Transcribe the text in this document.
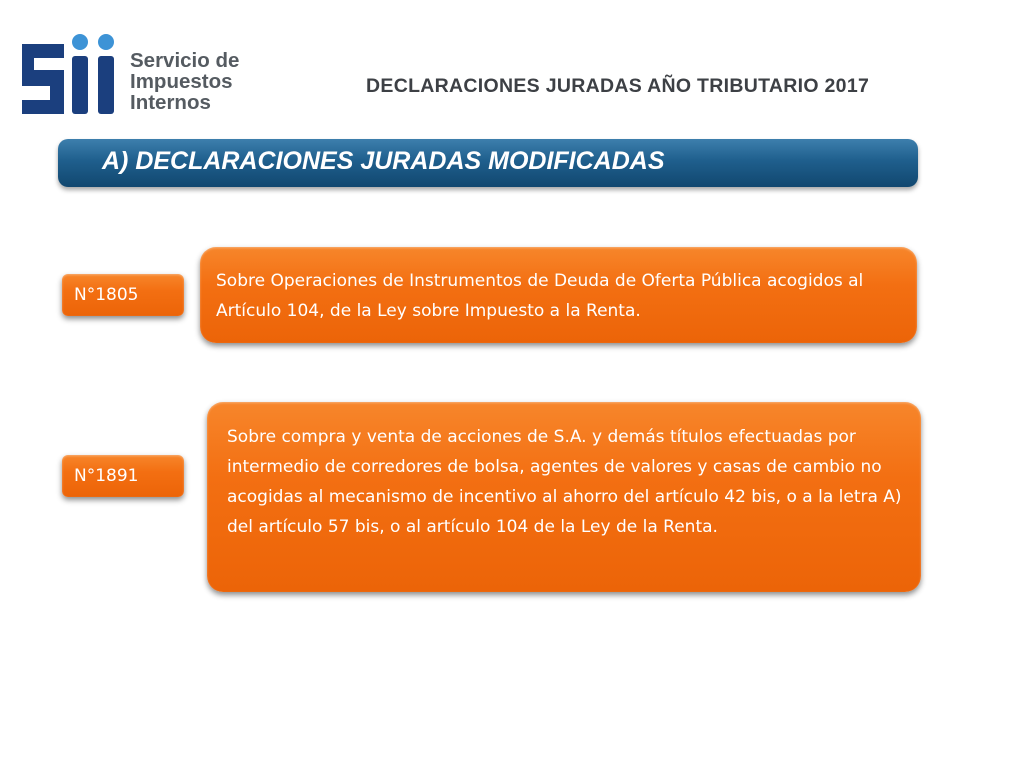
Servicio de
Impuestos
Internos
DECLARACIONES JURADAS AÑO TRIBUTARIO 2017
A) DECLARACIONES JURADAS MODIFICADAS
N°1805
Sobre Operaciones de Instrumentos de Deuda de Oferta Pública acogidos al Artículo 104, de la Ley sobre Impuesto a la Renta.
N°1891
Sobre compra y venta de acciones de S.A. y demás títulos efectuadas por intermedio de corredores de bolsa, agentes de valores y casas de cambio no acogidas al mecanismo de incentivo al ahorro del artículo 42 bis, o a la letra A) del artículo 57 bis, o al artículo 104 de la Ley de la Renta.
